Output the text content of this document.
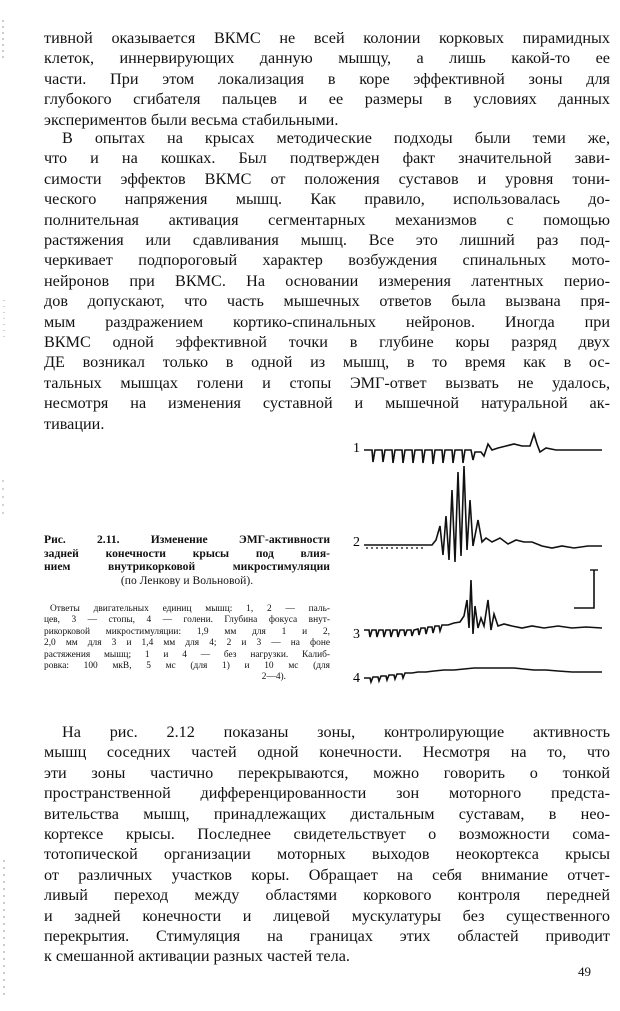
тивной оказывается ВКМС не всей колонии корковых пирамидных
клеток, иннервирующих данную мышцу, а лишь какой-то ее
части. При этом локализация в коре эффективной зоны для
глубокого сгибателя пальцев и ее размеры в условиях данных
экспериментов были весьма стабильными.
В опытах на крысах методические подходы были теми же,
что и на кошках. Был подтвержден факт значительной зави-
симости эффектов ВКМС от положения суставов и уровня тони-
ческого напряжения мышц. Как правило, использовалась до-
полнительная активация сегментарных механизмов с помощью
растяжения или сдавливания мышц. Все это лишний раз под-
черкивает подпороговый характер возбуждения спинальных мото-
нейронов при ВКМС. На основании измерения латентных перио-
дов допускают, что часть мышечных ответов была вызвана пря-
мым раздражением кортико-спинальных нейронов. Иногда при
ВКМС одной эффективной точки в глубине коры разряд двух
ДЕ возникал только в одной из мышц, в то время как в ос-
тальных мышцах голени и стопы ЭМГ-ответ вызвать не удалось,
несмотря на изменения суставной и мышечной натуральной ак-
тивации.
Рис. 2.11. Изменение ЭМГ-активности
задней конечности крысы под влия-
нием внутрикорковой микростимуляции
(по Ленкову и Вольновой).
Ответы двигательных единиц мышц: 1, 2 — паль-
цев, 3 — стопы, 4 — голени. Глубина фокуса внут-
рикорковой микростимуляции: 1,9 мм для 1 и 2,
2,0 мм для 3 и 1,4 мм для 4; 2 и 3 — на фоне
растяжения мышц; 1 и 4 — без нагрузки. Калиб-
ровка: 100 мкВ, 5 мс (для 1) и 10 мс (для
2—4).
1
2
3
4
На рис. 2.12 показаны зоны, контролирующие активность
мышц соседних частей одной конечности. Несмотря на то, что
эти зоны частично перекрываются, можно говорить о тонкой
пространственной дифференцированности зон моторного предста-
вительства мышц, принадлежащих дистальным суставам, в нео-
кортексе крысы. Последнее свидетельствует о возможности сома-
тотопической организации моторных выходов неокортекса крысы
от различных участков коры. Обращает на себя внимание отчет-
ливый переход между областями коркового контроля передней
и задней конечности и лицевой мускулатуры без существенного
перекрытия. Стимуляция на границах этих областей приводит
к смешанной активации разных частей тела.
49
